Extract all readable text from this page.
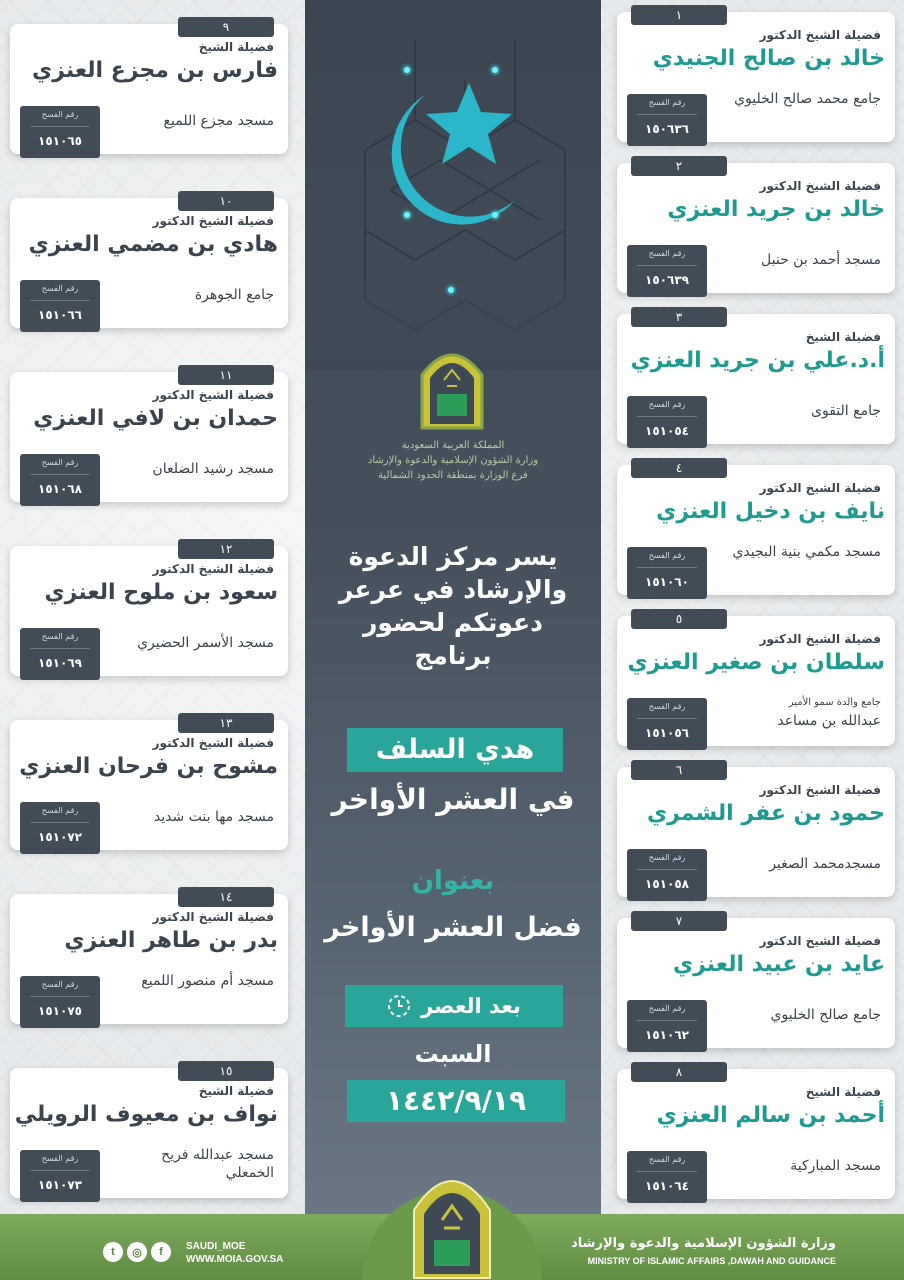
المملكة العربية السعودية
وزارة الشؤون الإسلامية والدعوة والإرشاد
فرع الوزارة بمنطقة الحدود الشمالية
يسر مركز الدعوة
والإرشاد في عرعر
دعوتكم لحضور
برنامج
هدي السلف
في العشر الأواخر
بعنوان
فضل العشر الأواخر
بعد العصر
السبت
١٤٤٢/٩/١٩
١
فضيلة الشيخ الدكتور
خالد بن صالح الجنيدي
جامع محمد صالح الخليوي
رقم الفسح
١٥٠٦٣٦
٢
فضيلة الشيخ الدكتور
خالد بن جريد العنزي
مسجد أحمد بن حنبل
رقم الفسح
١٥٠٦٣٩
٣
فضيلة الشيخ
أ.د.علي بن جريد العنزي
جامع التقوى
رقم الفسح
١٥١٠٥٤
٤
فضيلة الشيخ الدكتور
نايف بن دخيل العنزي
مسجد مكمي بنية البجيدي
رقم الفسح
١٥١٠٦٠
٥
فضيلة الشيخ الدكتور
سلطان بن صغير العنزي
جامع والدة سمو الأمير
عبدالله بن مساعد
رقم الفسح
١٥١٠٥٦
٦
فضيلة الشيخ الدكتور
حمود بن عفر الشمري
مسجدمحمد الصغير
رقم الفسح
١٥١٠٥٨
٧
فضيلة الشيخ الدكتور
عايد بن عبيد العنزي
جامع صالح الخليوي
رقم الفسح
١٥١٠٦٢
٨
فضيلة الشيخ
أحمد بن سالم العنزي
مسجد المباركية
رقم الفسح
١٥١٠٦٤
٩
فضيلة الشيخ
فارس بن مجزع العنزي
مسجد مجزع اللميع
رقم الفسح
١٥١٠٦٥
١٠
فضيلة الشيخ الدكتور
هادي بن مضمي العنزي
جامع الجوهرة
رقم الفسح
١٥١٠٦٦
١١
فضيلة الشيخ الدكتور
حمدان بن لافي العنزي
مسجد رشيد الضلعان
رقم الفسح
١٥١٠٦٨
١٢
فضيلة الشيخ الدكتور
سعود بن ملوح العنزي
مسجد الأسمر الحضيري
رقم الفسح
١٥١٠٦٩
١٣
فضيلة الشيخ الدكتور
مشوح بن فرحان العنزي
مسجد مها بنت شديد
رقم الفسح
١٥١٠٧٢
١٤
فضيلة الشيخ الدكتور
بدر بن طاهر العنزي
مسجد أم منصور اللميع
رقم الفسح
١٥١٠٧٥
١٥
فضيلة الشيخ
نواف بن معيوف الرويلي
مسجد عبدالله فريح الخمعلي
رقم الفسح
١٥١٠٧٣
t	◎	f	SAUDI_MOE
WWW.MOIA.GOV.SA
وزارة الشؤون الإسلامية والدعوة والإرشاد
MINISTRY OF ISLAMIC AFFAIRS ,DAWAH AND GUIDANCE
